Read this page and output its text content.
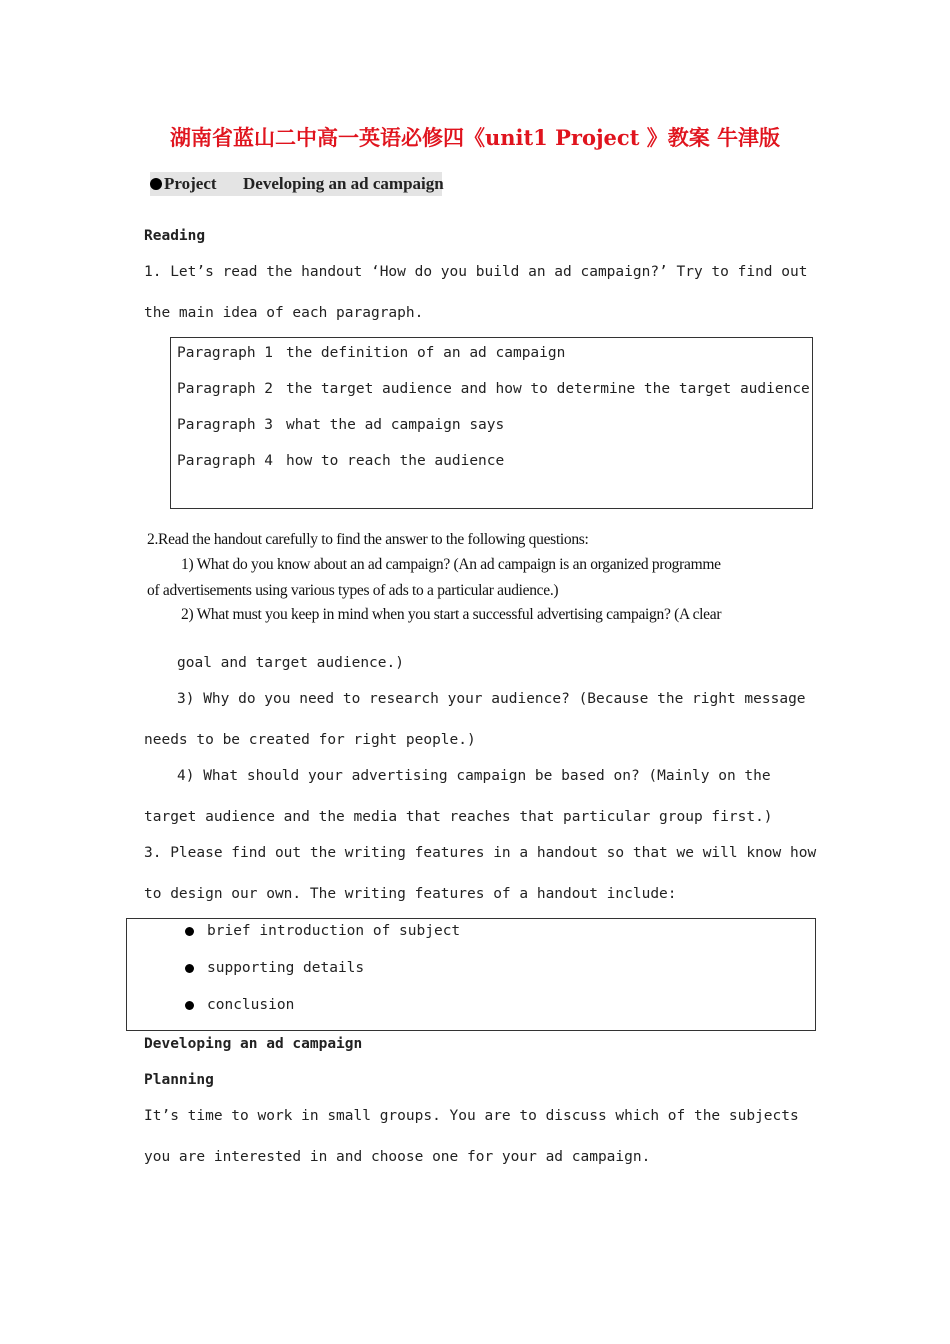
湖南省蓝山二中高一英语必修四《unit1 Project 》教案 牛津版
Project Developing an ad campaign
Reading
1. Let’s read the handout ‘How do you build an ad campaign?’ Try to find out
the main idea of each paragraph.
Paragraph 1 the definition of an ad campaign
Paragraph 2 the target audience and how to determine the target audience
Paragraph 3 what the ad campaign says
Paragraph 4 how to reach the audience
2.Read the handout carefully to find the answer to the following questions:
1) What do you know about an ad campaign? (An ad campaign is an organized programme
of advertisements using various types of ads to a particular audience.)
2) What must you keep in mind when you start a successful advertising campaign? (A clear
goal and target audience.)
3) Why do you need to research your audience? (Because the right message
needs to be created for right people.)
4) What should your advertising campaign be based on? (Mainly on the
target audience and the media that reaches that particular group first.)
3. Please find out the writing features in a handout so that we will know how
to design our own. The writing features of a handout include:
brief introduction of subject
supporting details
conclusion
Developing an ad campaign
Planning
It’s time to work in small groups. You are to discuss which of the subjects
you are interested in and choose one for your ad campaign.
